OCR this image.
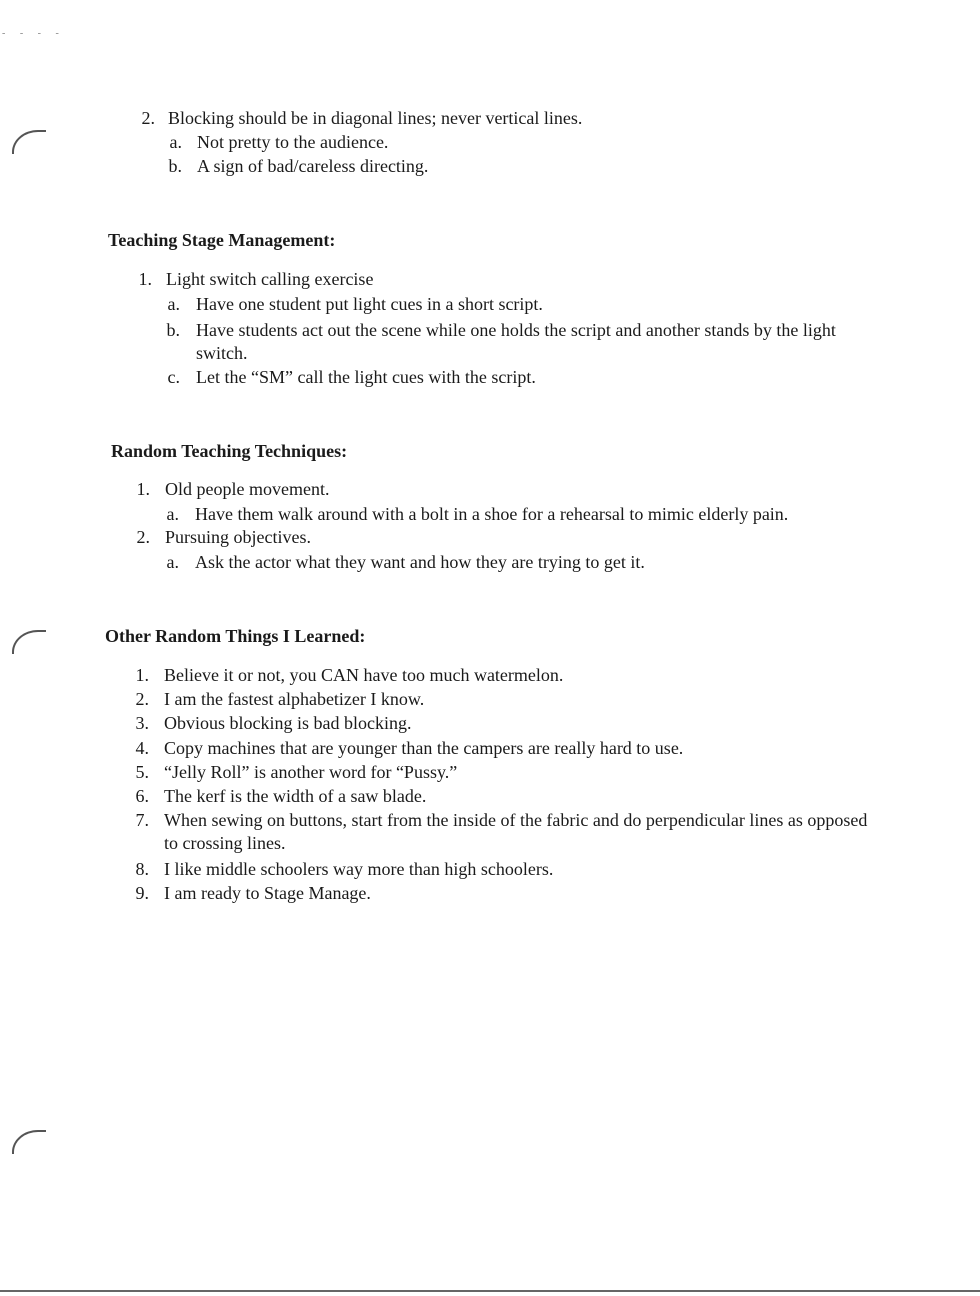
- - - -
2. Blocking should be in diagonal lines; never vertical lines.
a. Not pretty to the audience.
b. A sign of bad/careless directing.
Teaching Stage Management:
1. Light switch calling exercise
a. Have one student put light cues in a short script.
b. Have students act out the scene while one holds the script and another stands by the light switch.
c. Let the “SM” call the light cues with the script.
Random Teaching Techniques:
1. Old people movement.
a. Have them walk around with a bolt in a shoe for a rehearsal to mimic elderly pain.
2. Pursuing objectives.
a. Ask the actor what they want and how they are trying to get it.
Other Random Things I Learned:
1. Believe it or not, you CAN have too much watermelon.
2. I am the fastest alphabetizer I know.
3. Obvious blocking is bad blocking.
4. Copy machines that are younger than the campers are really hard to use.
5. “Jelly Roll” is another word for “Pussy.”
6. The kerf is the width of a saw blade.
7. When sewing on buttons, start from the inside of the fabric and do perpendicular lines as opposed to crossing lines.
8. I like middle schoolers way more than high schoolers.
9. I am ready to Stage Manage.
